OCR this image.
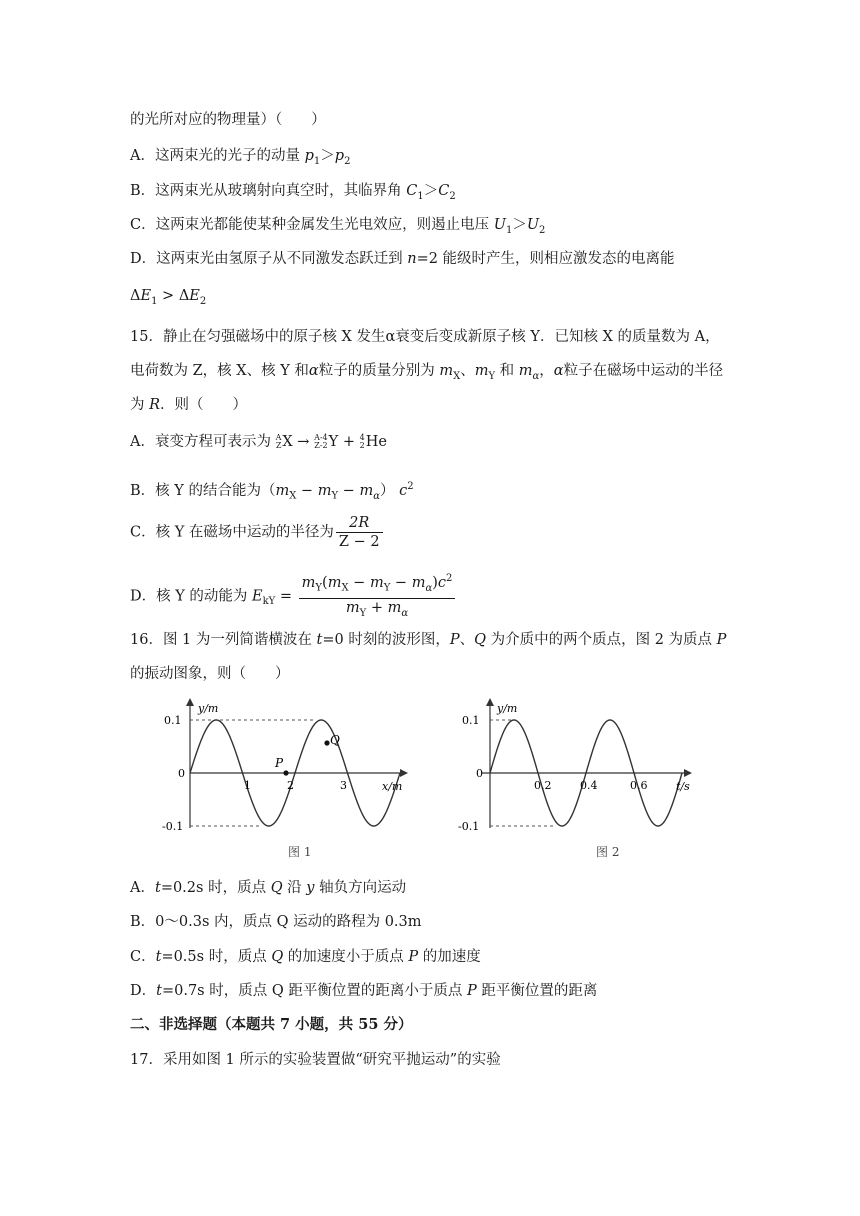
的光所对应的物理量）（　　）
A．这两束光的光子的动量 $p_1>p_2$
B．这两束光从玻璃射向真空时，其临界角 $C_1>C_2$
C．这两束光都能使某种金属发生光电效应，则遏止电压 $U_1>U_2$
D．这两束光由氢原子从不同激发态跃迁到 n=2 能级时产生，则相应激发态的电离能
$\Delta E_1 > \Delta E_2$
15．静止在匀强磁场中的原子核 X 发生α衰变后变成新原子核 Y．已知核 X 的质量数为 A，
电荷数为 Z，核 X、核 Y 和α粒子的质量分别为 $m_X$、$m_Y$ 和 $m_\alpha$，α粒子在磁场中运动的半径
为 R．则（　　）
A．衰变方程可表示为 A
ZX → A-4
Z-2Y + 4
2He
B．核 Y 的结合能为$(m_X - m_Y - m_\alpha)$ $c^2$
C．核 Y 在磁场中运动的半径为 $\frac{2R}{Z - 2}$
D．核 Y 的动能为 $E_{kY} = \frac{m_Y(m_X - m_Y - m_\alpha)c^2}{m_Y + m_\alpha}$
16．图 1 为一列简谐横波在 t=0 时刻的波形图，P、Q 为介质中的两个质点，图 2 为质点 P
的振动图象，则（　　）
P
Q
y/m
x/m
0.1
0
-0.1
1	2	3
图 1
y/m
t/s
0.1
0
-0.1
0.2	0.4	0.6
图 2
A．t=0.2s 时，质点 Q 沿 y 轴负方向运动
B．0～0.3s 内，质点 Q 运动的路程为 0.3m
C．t=0.5s 时，质点 Q 的加速度小于质点 P 的加速度
D．t=0.7s 时，质点 Q 距平衡位置的距离小于质点 P 距平衡位置的距离
二、非选择题（本题共 7 小题，共 55 分）
17．采用如图 1 所示的实验装置做“研究平抛运动”的实验
